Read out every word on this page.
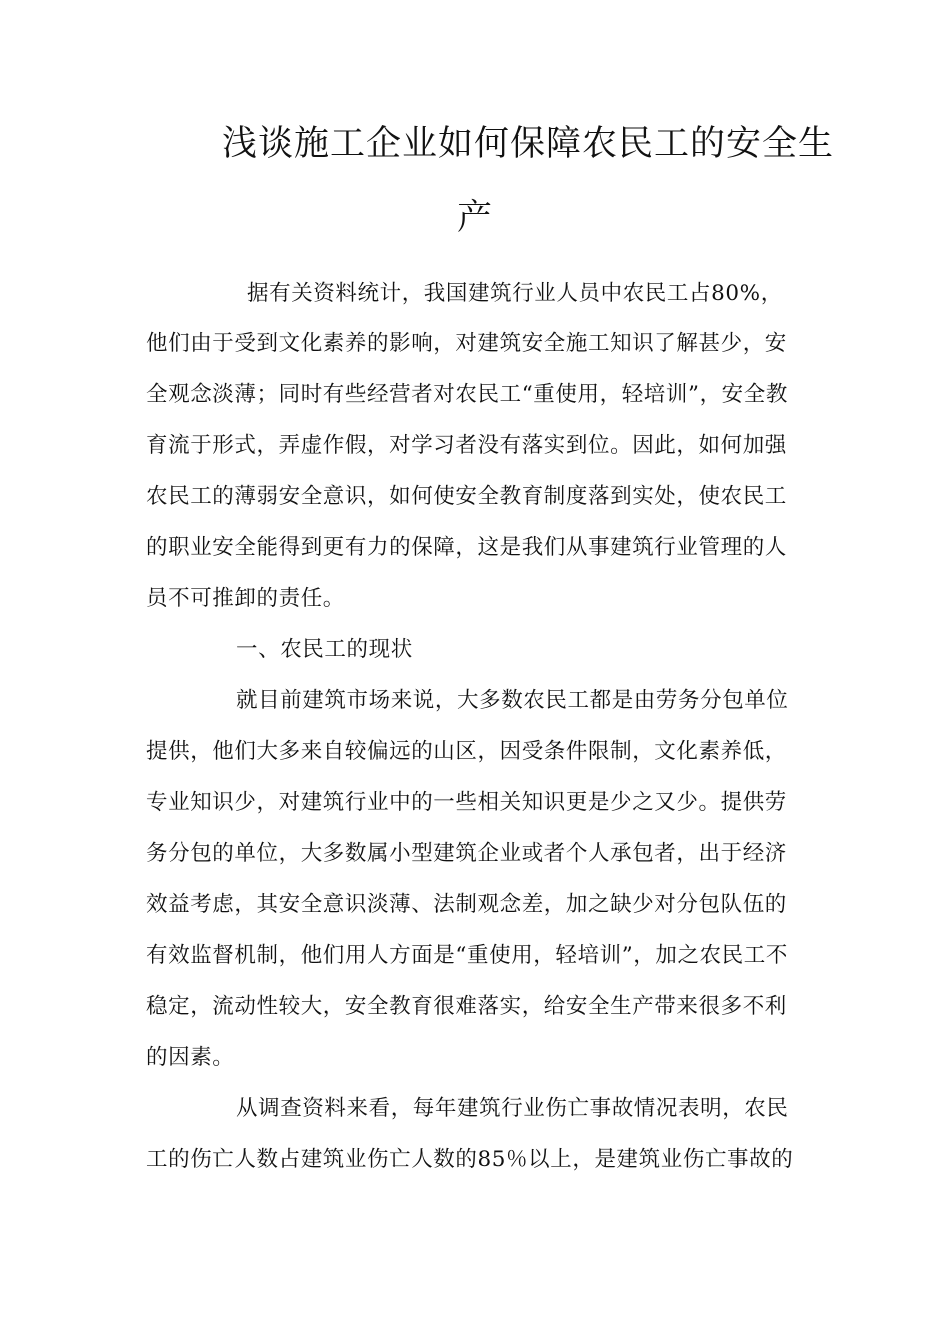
浅谈施工企业如何保障农民工的安全生
产
据有关资料统计，我国建筑行业人员中农民工占80%，
他们由于受到文化素养的影响，对建筑安全施工知识了解甚少，安
全观念淡薄；同时有些经营者对农民工“重使用，轻培训”，安全教
育流于形式，弄虚作假，对学习者没有落实到位。因此，如何加强
农民工的薄弱安全意识，如何使安全教育制度落到实处，使农民工
的职业安全能得到更有力的保障，这是我们从事建筑行业管理的人
员不可推卸的责任。
一、农民工的现状
就目前建筑市场来说，大多数农民工都是由劳务分包单位
提供，他们大多来自较偏远的山区，因受条件限制，文化素养低，
专业知识少，对建筑行业中的一些相关知识更是少之又少。提供劳
务分包的单位，大多数属小型建筑企业或者个人承包者，出于经济
效益考虑，其安全意识淡薄、法制观念差，加之缺少对分包队伍的
有效监督机制，他们用人方面是“重使用，轻培训”，加之农民工不
稳定，流动性较大，安全教育很难落实，给安全生产带来很多不利
的因素。
从调查资料来看，每年建筑行业伤亡事故情况表明，农民
工的伤亡人数占建筑业伤亡人数的85％以上，是建筑业伤亡事故的
